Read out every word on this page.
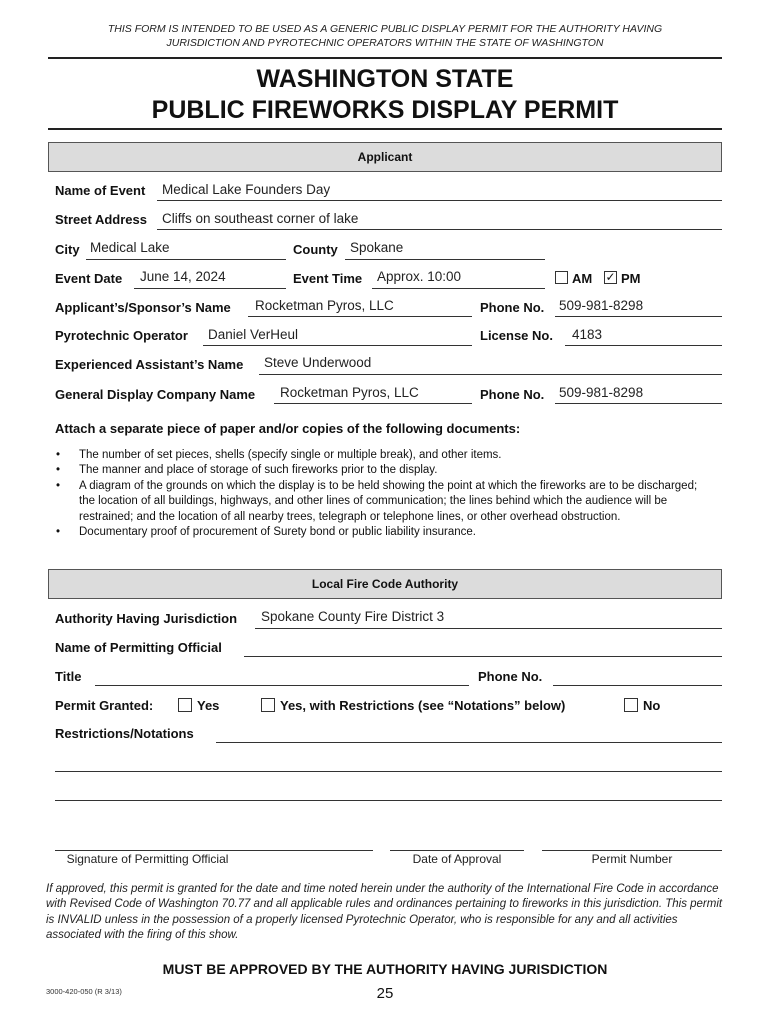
THIS FORM IS INTENDED TO BE USED AS A GENERIC PUBLIC DISPLAY PERMIT FOR THE AUTHORITY HAVING
JURISDICTION AND PYROTECHNIC OPERATORS WITHIN THE STATE OF WASHINGTON
WASHINGTON STATE
PUBLIC FIREWORKS DISPLAY PERMIT
Applicant
Name of Event Medical Lake Founders Day
Street Address Cliffs on southeast corner of lake
City Medical Lake	County Spokane
Event Date June 14, 2024	Event Time Approx. 10:00	AM ✓ PM
Applicant’s/Sponsor’s Name Rocketman Pyros, LLC	Phone No. 509-981-8298
Pyrotechnic Operator Daniel VerHeul	License No. 4183
Experienced Assistant’s Name Steve Underwood
General Display Company Name Rocketman Pyros, LLC	Phone No. 509-981-8298
Attach a separate piece of paper and/or copies of the following documents:
• The number of set pieces, shells (specify single or multiple break), and other items.
• The manner and place of storage of such fireworks prior to the display.
• A diagram of the grounds on which the display is to be held showing the point at which the fireworks are to be discharged; the location of all buildings, highways, and other lines of communication; the lines behind which the audience will be restrained; and the location of all nearby trees, telegraph or telephone lines, or other overhead obstruction.
• Documentary proof of procurement of Surety bond or public liability insurance.
Local Fire Code Authority
Authority Having Jurisdiction Spokane County Fire District 3
Name of Permitting Official
Title	Phone No.
Permit Granted:	Yes	Yes, with Restrictions (see “Notations” below)	No
Restrictions/Notations
Signature of Permitting Official	Date of Approval	Permit Number
If approved, this permit is granted for the date and time noted herein under the authority of the International Fire Code in accordance with Revised Code of Washington 70.77 and all applicable rules and ordinances pertaining to fireworks in this jurisdiction. This permit is INVALID unless in the possession of a properly licensed Pyrotechnic Operator, who is responsible for any and all activities associated with the firing of this show.
MUST BE APPROVED BY THE AUTHORITY HAVING JURISDICTION
3000-420-050 (R 3/13)	25
